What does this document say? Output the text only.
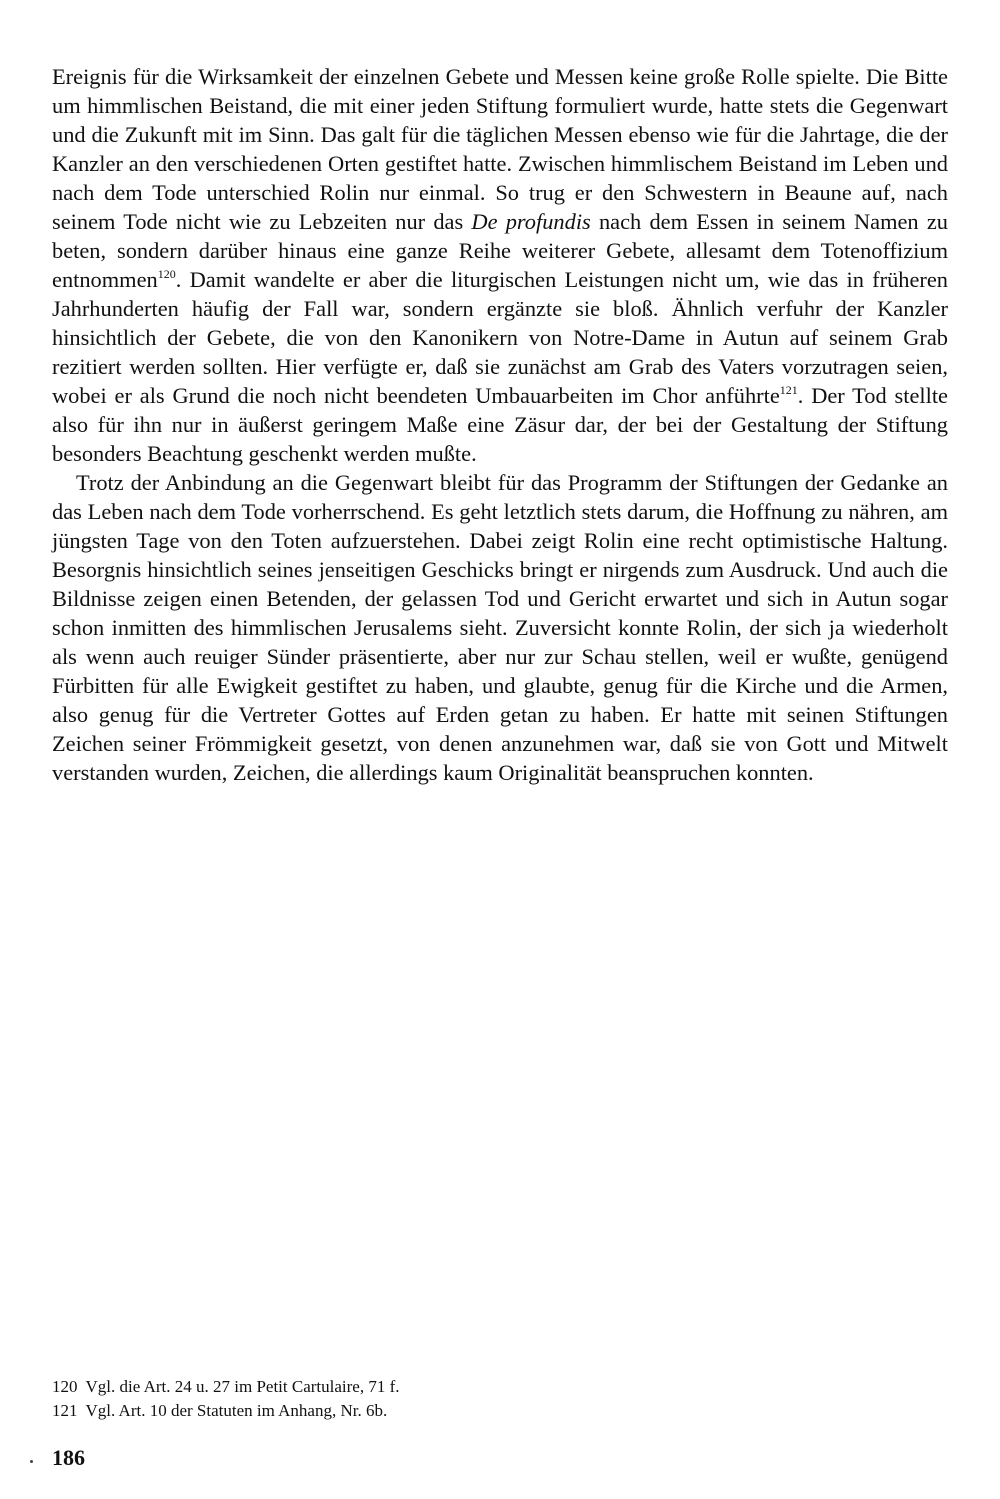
Ereignis für die Wirksamkeit der einzelnen Gebete und Messen keine große Rolle spielte. Die Bitte um himmlischen Beistand, die mit einer jeden Stiftung formuliert wurde, hatte stets die Gegenwart und die Zukunft mit im Sinn. Das galt für die täglichen Messen ebenso wie für die Jahrtage, die der Kanzler an den verschiedenen Orten gestiftet hatte. Zwischen himmlischem Beistand im Leben und nach dem Tode unterschied Rolin nur einmal. So trug er den Schwestern in Beaune auf, nach seinem Tode nicht wie zu Lebzeiten nur das De profundis nach dem Essen in seinem Namen zu beten, sondern darüber hinaus eine ganze Reihe weiterer Gebete, allesamt dem Totenoffizium entnommen$^{120}$. Damit wandelte er aber die liturgischen Leistungen nicht um, wie das in früheren Jahrhunderten häufig der Fall war, sondern ergänzte sie bloß. Ähnlich verfuhr der Kanzler hinsichtlich der Gebete, die von den Kanonikern von Notre-Dame in Autun auf seinem Grab rezitiert werden sollten. Hier verfügte er, daß sie zunächst am Grab des Vaters vorzutragen seien, wobei er als Grund die noch nicht beendeten Umbauarbeiten im Chor anführte$^{121}$. Der Tod stellte also für ihn nur in äußerst geringem Maße eine Zäsur dar, der bei der Gestaltung der Stiftung besonders Beachtung geschenkt werden mußte.

Trotz der Anbindung an die Gegenwart bleibt für das Programm der Stiftungen der Gedanke an das Leben nach dem Tode vorherrschend. Es geht letztlich stets darum, die Hoffnung zu nähren, am jüngsten Tage von den Toten aufzuerstehen. Dabei zeigt Rolin eine recht optimistische Haltung. Besorgnis hinsichtlich seines jenseitigen Geschicks bringt er nirgends zum Ausdruck. Und auch die Bildnisse zeigen einen Betenden, der gelassen Tod und Gericht erwartet und sich in Autun sogar schon inmitten des himmlischen Jerusalems sieht. Zuversicht konnte Rolin, der sich ja wiederholt als wenn auch reuiger Sünder präsentierte, aber nur zur Schau stellen, weil er wußte, genügend Fürbitten für alle Ewigkeit gestiftet zu haben, und glaubte, genug für die Kirche und die Armen, also genug für die Vertreter Gottes auf Erden getan zu haben. Er hatte mit seinen Stiftungen Zeichen seiner Frömmigkeit gesetzt, von denen anzunehmen war, daß sie von Gott und Mitwelt verstanden wurden, Zeichen, die allerdings kaum Originalität beanspruchen konnten.

120 Vgl. die Art. 24 u. 27 im Petit Cartulaire, 71 f.

121 Vgl. Art. 10 der Statuten im Anhang, Nr. 6b.

186
